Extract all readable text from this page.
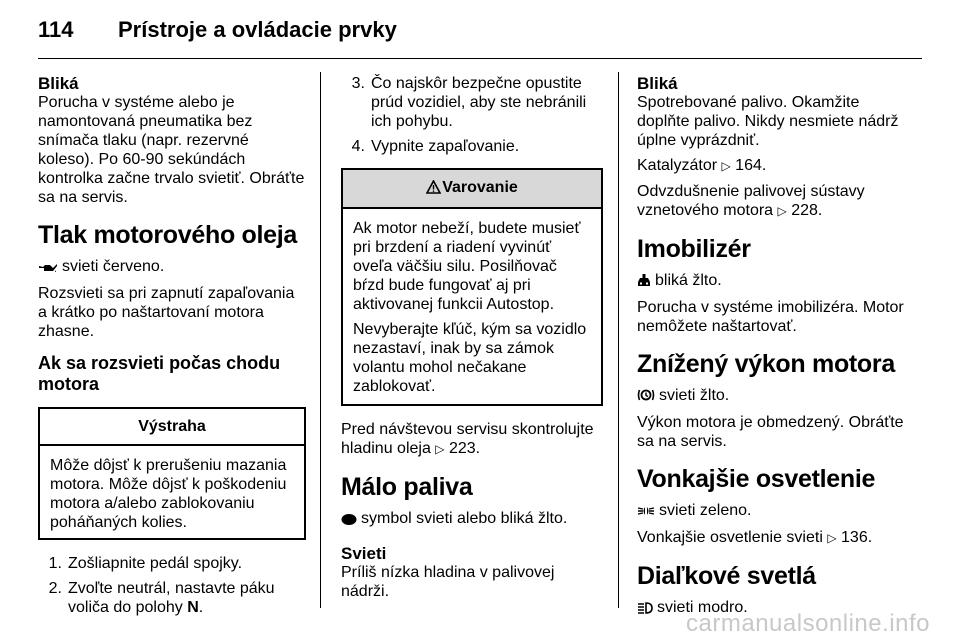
114	Prístroje a ovládacie prvky
Bliká

Porucha v systéme alebo je namontovaná pneumatika bez snímača tlaku (napr. rezervné koleso). Po 60-90 sekúndách kontrolka začne trvalo svietiť. Obráťte sa na servis.

Tlak motorového oleja

svieti červeno.

Rozsvieti sa pri zapnutí zapaľovania a krátko po naštartovaní motora zhasne.

Ak sa rozsvieti počas chodu motora
Výstraha
Môže dôjsť k prerušeniu mazania motora. Môže dôjsť k poškodeniu motora a/alebo zablokovaniu poháňaných kolies.
1. Zošliapnite pedál spojky.
2. Zvoľte neutrál, nastavte páku voliča do polohy N.
3. Čo najskôr bezpečne opustite prúd vozidiel, aby ste nebránili ich pohybu.
4. Vypnite zapaľovanie.
Varovanie

Ak motor nebeží, budete musieť pri brzdení a riadení vyvinúť oveľa väčšiu silu. Posilňovač bŕzd bude fungovať aj pri aktivovanej funkcii Autostop.

Nevyberajte kľúč, kým sa vozidlo nezastaví, inak by sa zámok volantu mohol nečakane zablokovať.

Pred návštevou servisu skontrolujte hladinu oleja ▷ 223.

Málo paliva

symbol svieti alebo bliká žlto.

Svieti

Príliš nízka hladina v palivovej nádrži.

Bliká

Spotrebované palivo. Okamžite doplňte palivo. Nikdy nesmiete nádrž úplne vyprázdniť.

Katalyzátor ▷ 164.

Odvzdušnenie palivovej sústavy vznetového motora ▷ 228.

Imobilizér

bliká žlto.

Porucha v systéme imobilizéra. Motor nemôžete naštartovať.

Znížený výkon motora

svieti žlto.

Výkon motora je obmedzený. Obráťte sa na servis.

Vonkajšie osvetlenie

svieti zeleno.

Vonkajšie osvetlenie svieti ▷ 136.

Diaľkové svetlá

svieti modro.

carmanualsonline.info
